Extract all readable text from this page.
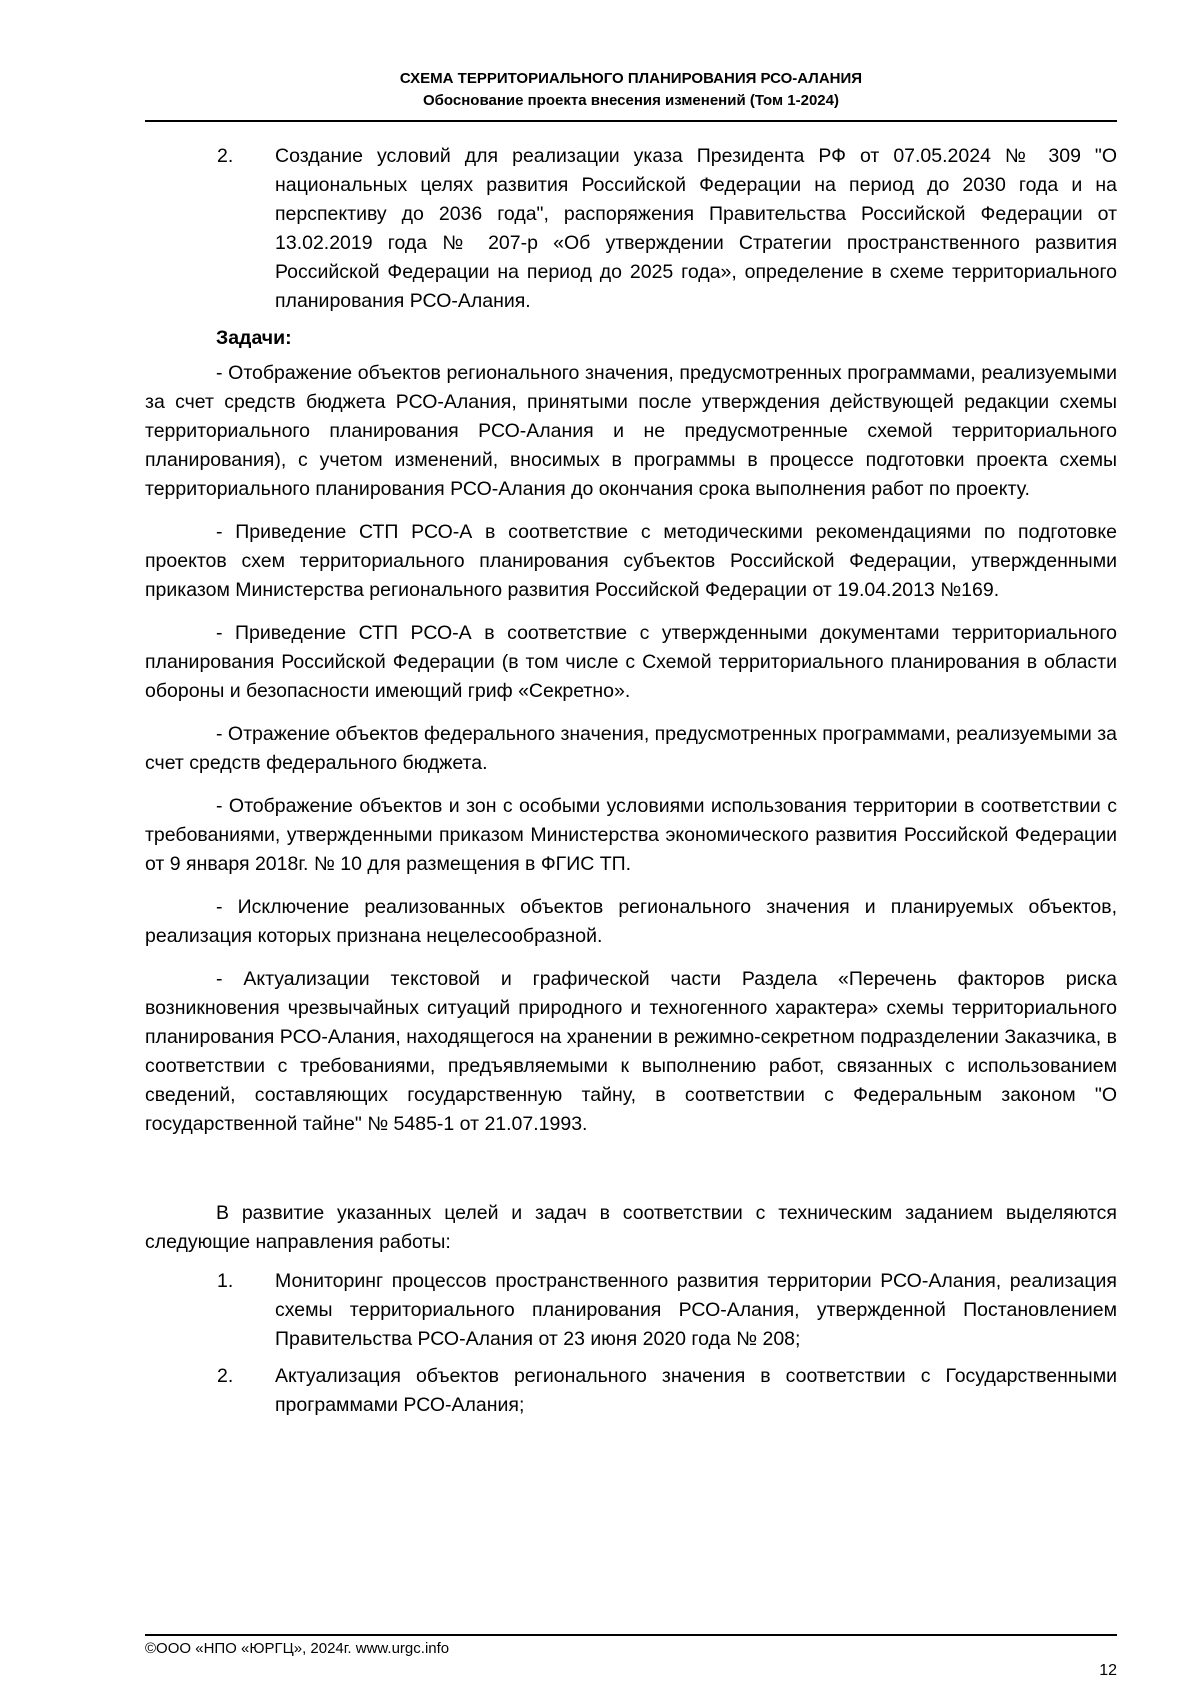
СХЕМА ТЕРРИТОРИАЛЬНОГО ПЛАНИРОВАНИЯ РСО-АЛАНИЯ
Обоснование проекта внесения изменений (Том 1-2024)
2.	Создание условий для реализации указа Президента РФ от 07.05.2024 № 309 "О национальных целях развития Российской Федерации на период до 2030 года и на перспективу до 2036 года", распоряжения Правительства Российской Федерации от 13.02.2019 года № 207-р «Об утверждении Стратегии пространственного развития Российской Федерации на период до 2025 года», определение в схеме территориального планирования РСО-Алания.
Задачи:

- Отображение объектов регионального значения, предусмотренных программами, реализуемыми за счет средств бюджета РСО-Алания, принятыми после утверждения действующей редакции схемы территориального планирования РСО-Алания и не предусмотренные схемой территориального планирования), с учетом изменений, вносимых в программы в процессе подготовки проекта схемы территориального планирования РСО-Алания до окончания срока выполнения работ по проекту.

- Приведение СТП РСО-А в соответствие с методическими рекомендациями по подготовке проектов схем территориального планирования субъектов Российской Федерации, утвержденными приказом Министерства регионального развития Российской Федерации от 19.04.2013 №169.

- Приведение СТП РСО-А в соответствие с утвержденными документами территориального планирования Российской Федерации (в том числе с Схемой территориального планирования в области обороны и безопасности имеющий гриф «Секретно».

- Отражение объектов федерального значения, предусмотренных программами, реализуемыми за счет средств федерального бюджета.

- Отображение объектов и зон с особыми условиями использования территории в соответствии с требованиями, утвержденными приказом Министерства экономического развития Российской Федерации от 9 января 2018г. № 10 для размещения в ФГИС ТП.

- Исключение реализованных объектов регионального значения и планируемых объектов, реализация которых признана нецелесообразной.

- Актуализации текстовой и графической части Раздела «Перечень факторов риска возникновения чрезвычайных ситуаций природного и техногенного характера» схемы территориального планирования РСО-Алания, находящегося на хранении в режимно-секретном подразделении Заказчика, в соответствии с требованиями, предъявляемыми к выполнению работ, связанных с использованием сведений, составляющих государственную тайну, в соответствии с Федеральным законом "О государственной тайне" № 5485-1 от 21.07.1993.

В развитие указанных целей и задач в соответствии с техническим заданием выделяются следующие направления работы:

1.	Мониторинг процессов пространственного развития территории РСО-Алания, реализация схемы территориального планирования РСО-Алания, утвержденной Постановлением Правительства РСО-Алания от 23 июня 2020 года № 208;
2.	Актуализация объектов регионального значения в соответствии с Государственными программами РСО-Алания;
©ООО «НПО «ЮРГЦ», 2024г. www.urgc.info
12
